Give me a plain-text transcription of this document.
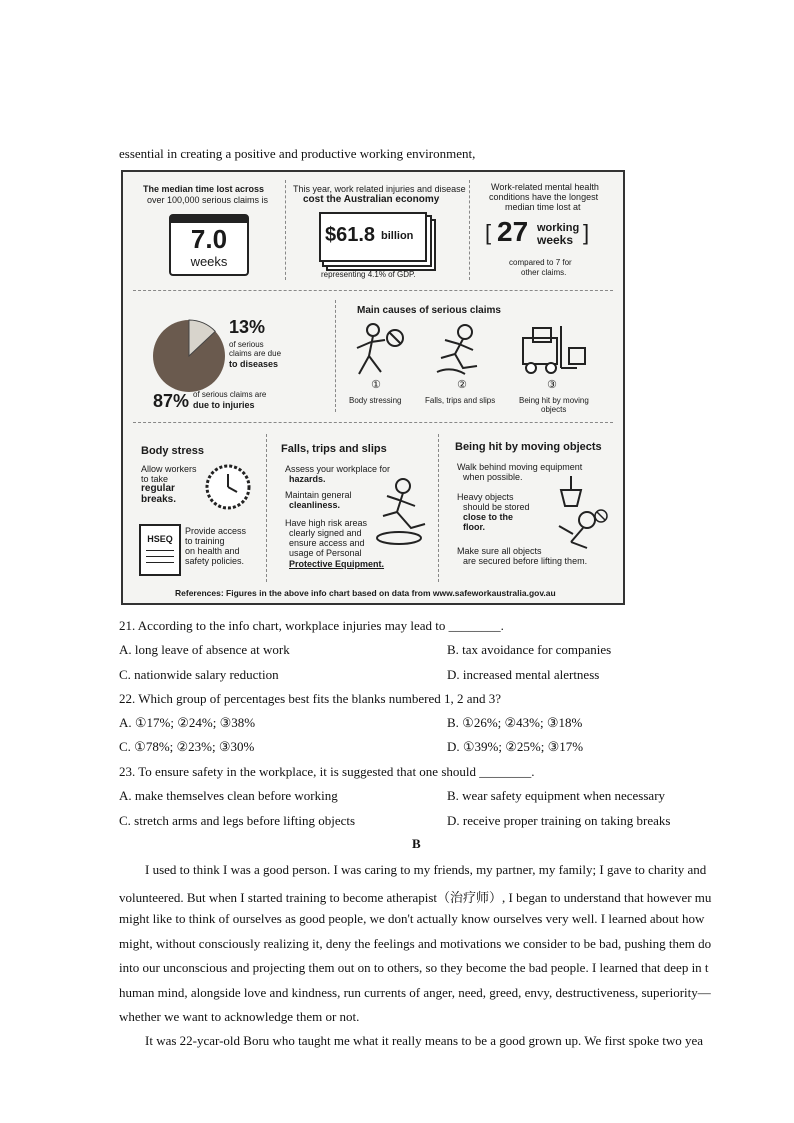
essential in creating a positive and productive working environment,
The median time lost across
over 100,000 serious claims is
7.0
weeks
This year, work related injuries and disease
cost the Australian economy
$61.8 billion
representing 4.1% of GDP.
Work-related mental health
conditions have the longest
median time lost at
[ 27 working
weeks ]
compared to 7 for
other claims.
13%
of serious
claims are due
to diseases
87% of serious claims are
due to injuries
Main causes of serious claims
①
Body stressing
②
Falls, trips and slips
③
Being hit by moving
objects
Body stress
Allow workers
to take
regular
breaks.
HSEQ
Provide access
to training
on health and
safety policies.
Falls, trips and slips
Assess your workplace for
hazards.
Maintain general
cleanliness.
Have high risk areas
clearly signed and
ensure access and
usage of Personal
Protective Equipment.
Being hit by moving objects
Walk behind moving equipment
when possible.
Heavy objects
should be stored
close to the
floor.
Make sure all objects
are secured before lifting them.
References: Figures in the above info chart based on data from www.safeworkaustralia.gov.au
21. According to the info chart, workplace injuries may lead to ________.
A. long leave of absence at work	B. tax avoidance for companies
C. nationwide salary reduction	D. increased mental alertness
22. Which group of percentages best fits the blanks numbered 1, 2 and 3?
A. ①17%; ②24%; ③38%	B. ①26%; ②43%; ③18%
C. ①78%; ②23%; ③30%	D. ①39%; ②25%; ③17%
23. To ensure safety in the workplace, it is suggested that one should ________.
A. make themselves clean before working	B. wear safety equipment when necessary
C. stretch arms and legs before lifting objects	D. receive proper training on taking breaks
B
I used to think I was a good person. I was caring to my friends, my partner, my family; I gave to charity and
volunteered. But when I started training to become atherapist（治疗师）, I began to understand that however mu
might like to think of ourselves as good people, we don't actually know ourselves very well. I learned about how
might, without consciously realizing it, deny the feelings and motivations we consider to be bad, pushing them do
into our unconscious and projecting them out on to others, so they become the bad people. I learned that deep in t
human mind, alongside love and kindness, run currents of anger, need, greed, envy, destructiveness, superiority—
whether we want to acknowledge them or not.
It was 22-ycar-old Boru who taught me what it really means to be a good grown up. We first spoke two yea
